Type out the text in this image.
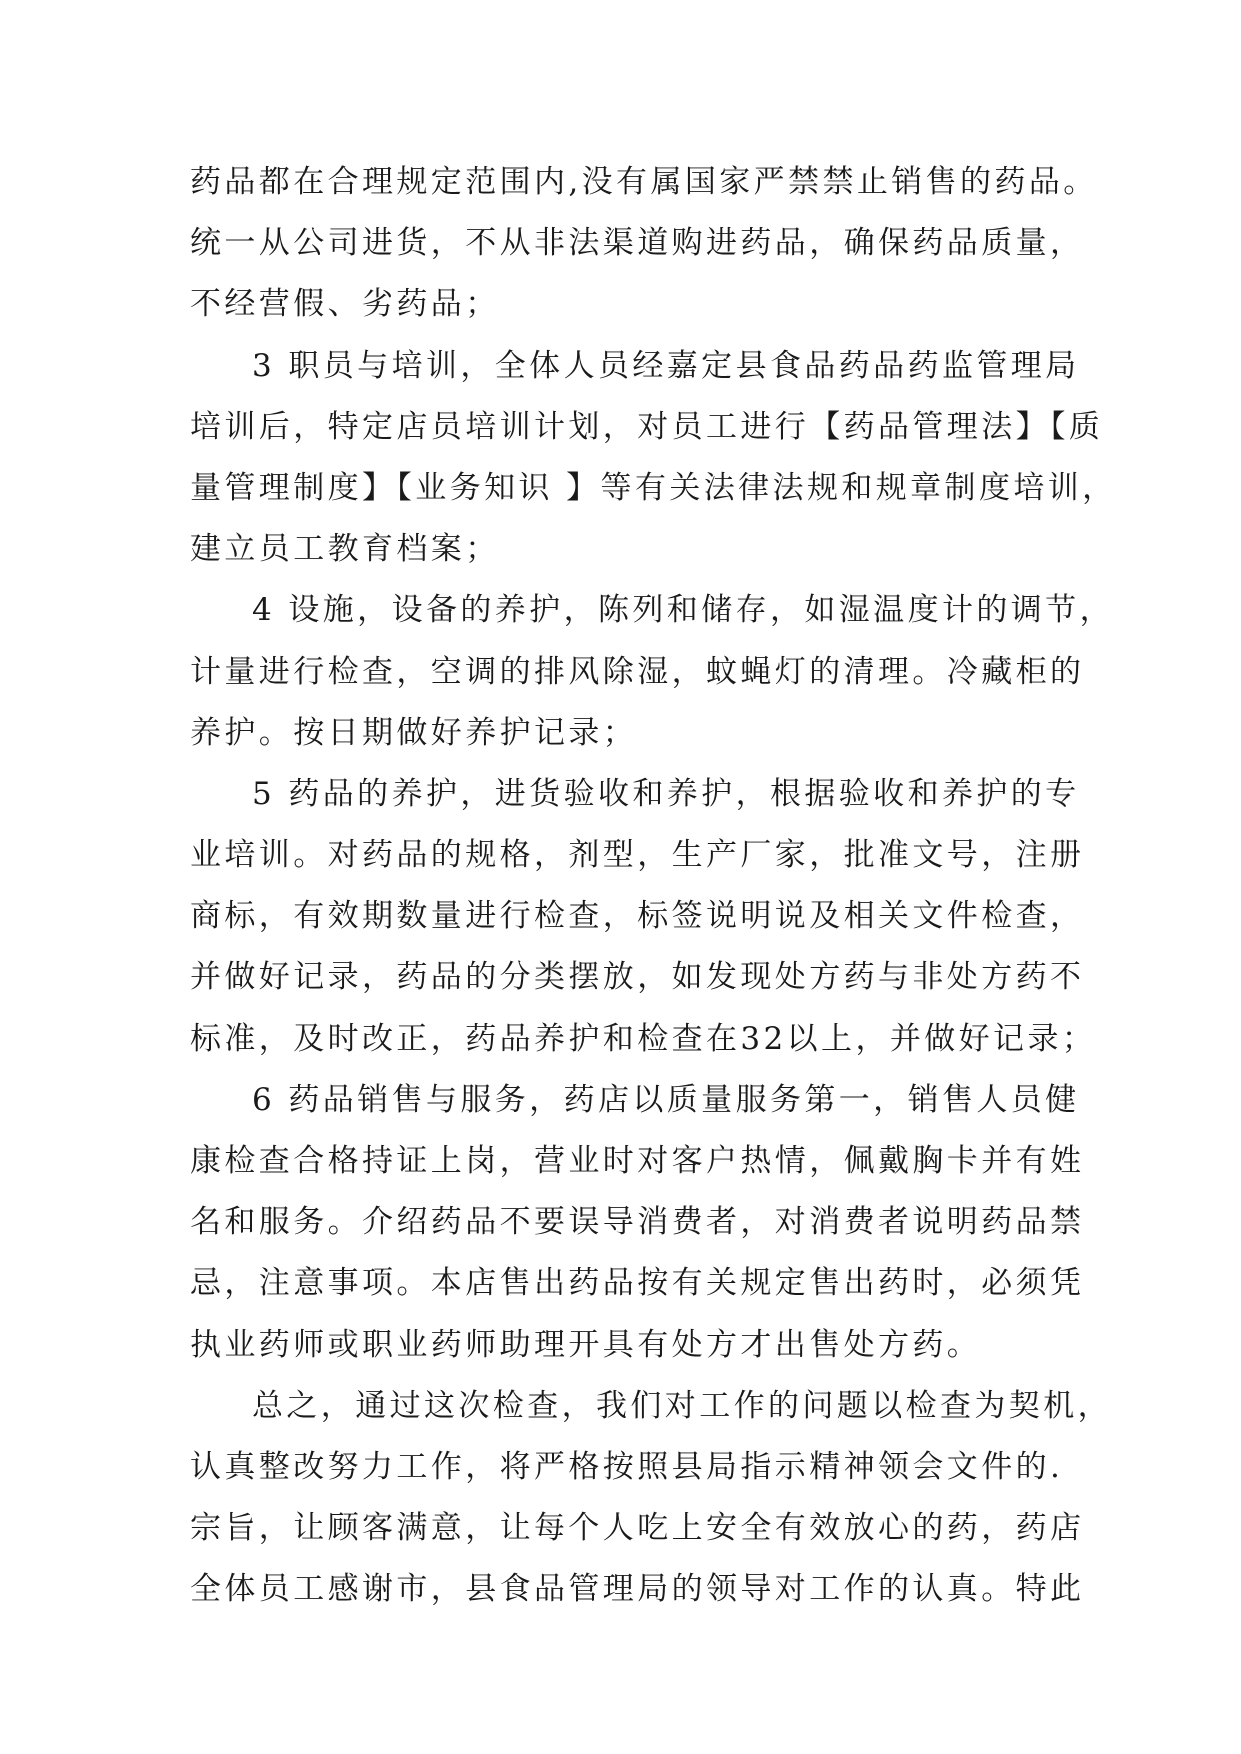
药品都在合理规定范围内,没有属国家严禁禁止销售的药品。
统一从公司进货，不从非法渠道购进药品，确保药品质量，
不经营假、劣药品；
3 职员与培训，全体人员经嘉定县食品药品药监管理局
培训后，特定店员培训计划，对员工进行【药品管理法】【质
量管理制度】【业务知识 】等有关法律法规和规章制度培训，
建立员工教育档案；
4 设施，设备的养护，陈列和储存，如湿温度计的调节，
计量进行检查，空调的排风除湿，蚊蝇灯的清理。冷藏柜的
养护。按日期做好养护记录；
5 药品的养护，进货验收和养护，根据验收和养护的专
业培训。对药品的规格，剂型，生产厂家，批准文号，注册
商标，有效期数量进行检查，标签说明说及相关文件检查，
并做好记录，药品的分类摆放，如发现处方药与非处方药不
标准，及时改正，药品养护和检查在32以上，并做好记录；
6 药品销售与服务，药店以质量服务第一，销售人员健
康检查合格持证上岗，营业时对客户热情，佩戴胸卡并有姓
名和服务。介绍药品不要误导消费者，对消费者说明药品禁
忌，注意事项。本店售出药品按有关规定售出药时，必须凭
执业药师或职业药师助理开具有处方才出售处方药。
总之，通过这次检查，我们对工作的问题以检查为契机，
认真整改努力工作，将严格按照县局指示精神领会文件的.
宗旨，让顾客满意，让每个人吃上安全有效放心的药，药店
全体员工感谢市，县食品管理局的领导对工作的认真。特此
